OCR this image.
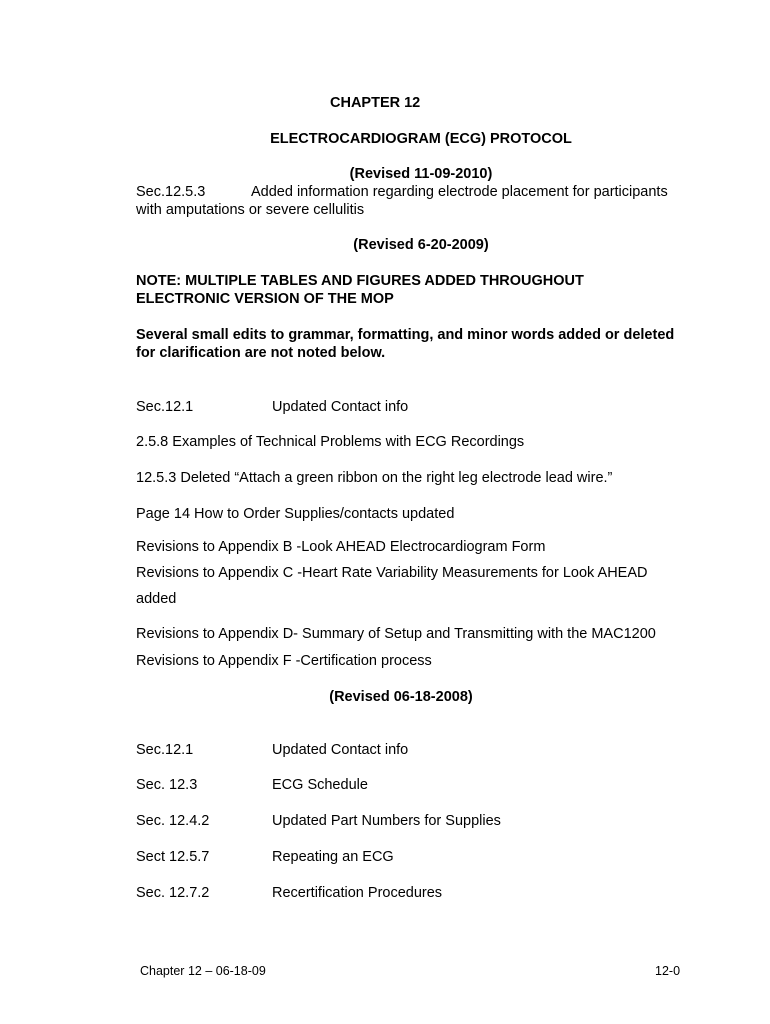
CHAPTER 12
ELECTROCARDIOGRAM (ECG) PROTOCOL
(Revised 11-09-2010)
Sec.12.5.3	Added information regarding electrode placement for participants
with amputations or severe cellulitis
(Revised 6-20-2009)
NOTE: MULTIPLE TABLES AND FIGURES ADDED THROUGHOUT
ELECTRONIC VERSION OF THE MOP
Several small edits to grammar, formatting, and minor words added or deleted
for clarification are not noted below.
Sec.12.1	Updated Contact info
2.5.8 Examples of Technical Problems with ECG Recordings
12.5.3 Deleted “Attach a green ribbon on the right leg electrode lead wire.”
Page 14 How to Order Supplies/contacts updated
Revisions to Appendix B -Look AHEAD Electrocardiogram Form
Revisions to Appendix C -Heart Rate Variability Measurements for Look AHEAD
added
Revisions to Appendix D- Summary of Setup and Transmitting with the MAC1200
Revisions to Appendix F -Certification process
(Revised 06-18-2008)
Sec.12.1	Updated Contact info
Sec. 12.3	ECG Schedule
Sec. 12.4.2	Updated Part Numbers for Supplies
Sect 12.5.7	Repeating an ECG
Sec. 12.7.2	Recertification Procedures
Chapter 12 – 06-18-09	12-0
